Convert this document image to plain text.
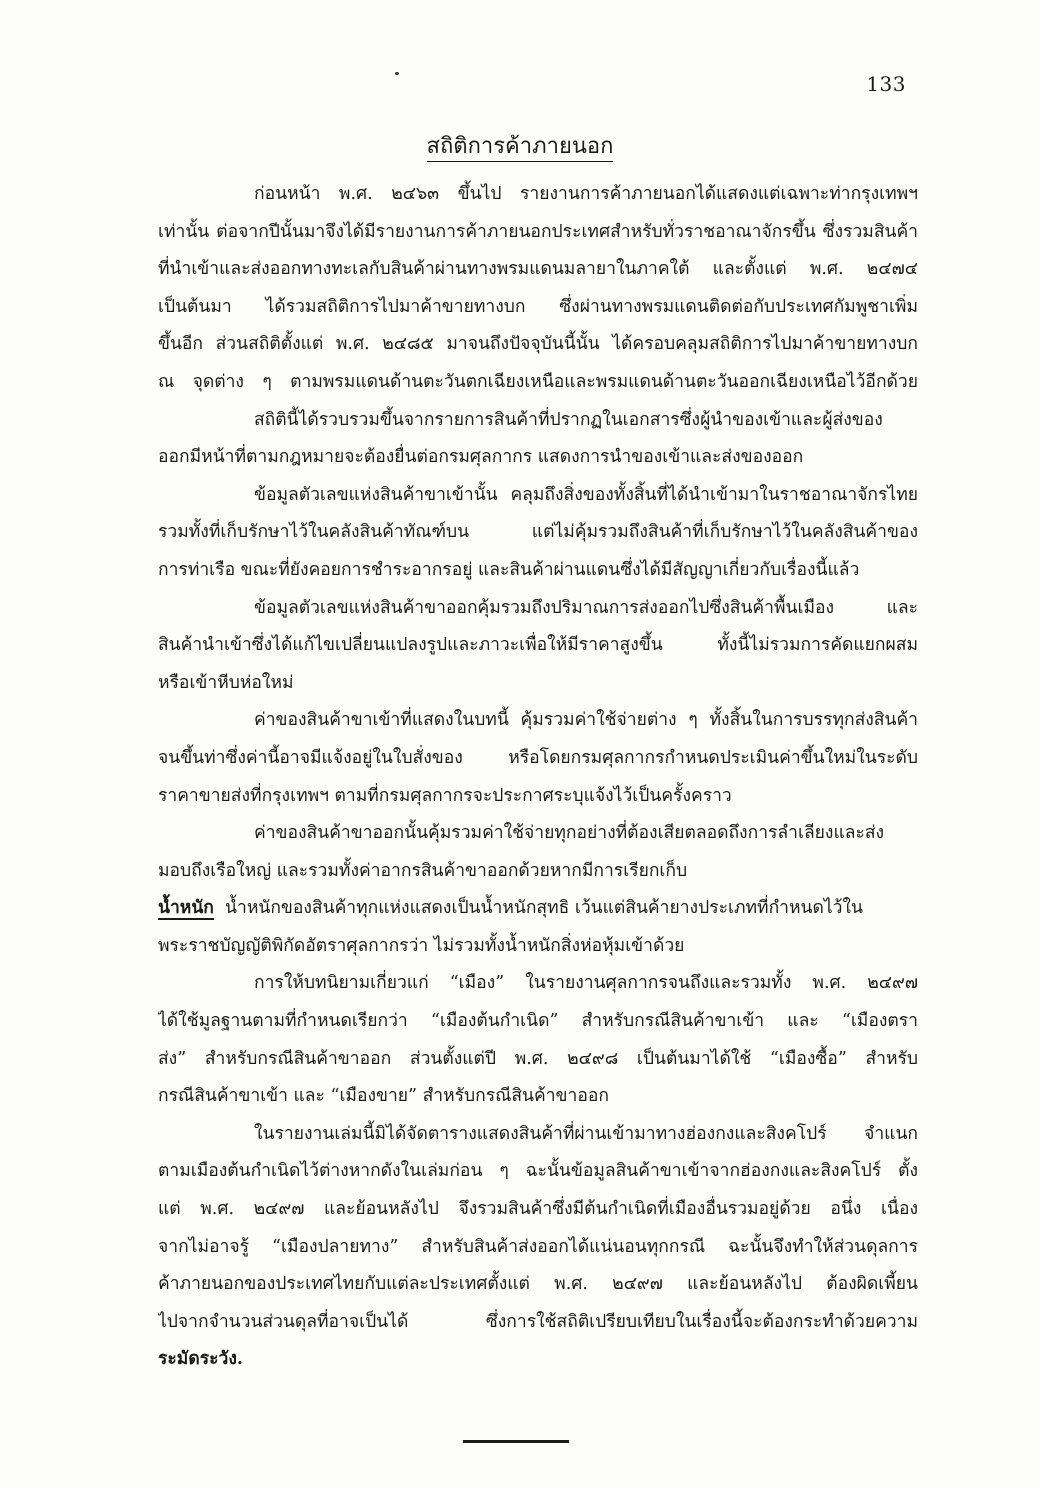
133
สถิติการค้าภายนอก
ก่อนหน้า พ.ศ. ๒๔๖๓ ขึ้นไป รายงานการค้าภายนอกได้แสดงแต่เฉพาะท่ากรุงเทพฯ
เท่านั้น ต่อจากปีนั้นมาจึงได้มีรายงานการค้าภายนอกประเทศสำหรับทั่วราชอาณาจักรขึ้น ซึ่งรวมสินค้า
ที่นำเข้าและส่งออกทางทะเลกับสินค้าผ่านทางพรมแดนมลายาในภาคใต้ และตั้งแต่ พ.ศ. ๒๔๗๔
เป็นต้นมา ได้รวมสถิติการไปมาค้าขายทางบก ซึ่งผ่านทางพรมแดนติดต่อกับประเทศกัมพูชาเพิ่ม
ขึ้นอีก ส่วนสถิติตั้งแต่ พ.ศ. ๒๔๘๕ มาจนถึงปัจจุบันนี้นั้น ได้ครอบคลุมสถิติการไปมาค้าขายทางบก
ณ จุดต่าง ๆ ตามพรมแดนด้านตะวันตกเฉียงเหนือและพรมแดนด้านตะวันออกเฉียงเหนือไว้อีกด้วย
สถิตินี้ได้รวบรวมขึ้นจากรายการสินค้าที่ปรากฏในเอกสารซึ่งผู้นำของเข้าและผู้ส่งของ
ออกมีหน้าที่ตามกฎหมายจะต้องยื่นต่อกรมศุลกากร แสดงการนำของเข้าและส่งของออก
ข้อมูลตัวเลขแห่งสินค้าขาเข้านั้น คลุมถึงสิ่งของทั้งสิ้นที่ได้นำเข้ามาในราชอาณาจักรไทย
รวมทั้งที่เก็บรักษาไว้ในคลังสินค้าทัณฑ์บน แต่ไม่คุ้มรวมถึงสินค้าที่เก็บรักษาไว้ในคลังสินค้าของ
การท่าเรือ ขณะที่ยังคอยการชำระอากรอยู่ และสินค้าผ่านแดนซึ่งได้มีสัญญาเกี่ยวกับเรื่องนี้แล้ว
ข้อมูลตัวเลขแห่งสินค้าขาออกคุ้มรวมถึงปริมาณการส่งออกไปซึ่งสินค้าพื้นเมือง และ
สินค้านำเข้าซึ่งได้แก้ไขเปลี่ยนแปลงรูปและภาวะเพื่อให้มีราคาสูงขึ้น ทั้งนี้ไม่รวมการคัดแยกผสม
หรือเข้าหีบห่อใหม่
ค่าของสินค้าขาเข้าที่แสดงในบทนี้ คุ้มรวมค่าใช้จ่ายต่าง ๆ ทั้งสิ้นในการบรรทุกส่งสินค้า
จนขึ้นท่าซึ่งค่านี้อาจมีแจ้งอยู่ในใบสั่งของ หรือโดยกรมศุลกากรกำหนดประเมินค่าขึ้นใหม่ในระดับ
ราคาขายส่งที่กรุงเทพฯ ตามที่กรมศุลกากรจะประกาศระบุแจ้งไว้เป็นครั้งคราว
ค่าของสินค้าขาออกนั้นคุ้มรวมค่าใช้จ่ายทุกอย่างที่ต้องเสียตลอดถึงการลำเลียงและส่ง
มอบถึงเรือใหญ่ และรวมทั้งค่าอากรสินค้าขาออกด้วยหากมีการเรียกเก็บ
น้ำหนัก น้ำหนักของสินค้าทุกแห่งแสดงเป็นน้ำหนักสุทธิ เว้นแต่สินค้ายางประเภทที่กำหนดไว้ใน
พระราชบัญญัติพิกัดอัตราศุลกากรว่า ไม่รวมทั้งน้ำหนักสิ่งห่อหุ้มเข้าด้วย
การให้บทนิยามเกี่ยวแก่ “เมือง” ในรายงานศุลกากรจนถึงและรวมทั้ง พ.ศ. ๒๔๙๗
ได้ใช้มูลฐานตามที่กำหนดเรียกว่า “เมืองต้นกำเนิด” สำหรับกรณีสินค้าขาเข้า และ “เมืองตรา
ส่ง” สำหรับกรณีสินค้าขาออก ส่วนตั้งแต่ปี พ.ศ. ๒๔๙๘ เป็นต้นมาได้ใช้ “เมืองซื้อ” สำหรับ
กรณีสินค้าขาเข้า และ “เมืองขาย” สำหรับกรณีสินค้าขาออก
ในรายงานเล่มนี้มิได้จัดตารางแสดงสินค้าที่ผ่านเข้ามาทางฮ่องกงและสิงคโปร์ จำแนก
ตามเมืองต้นกำเนิดไว้ต่างหากดังในเล่มก่อน ๆ ฉะนั้นข้อมูลสินค้าขาเข้าจากฮ่องกงและสิงคโปร์ ตั้ง
แต่ พ.ศ. ๒๔๙๗ และย้อนหลังไป จึงรวมสินค้าซึ่งมีต้นกำเนิดที่เมืองอื่นรวมอยู่ด้วย อนึ่ง เนื่อง
จากไม่อาจรู้ “เมืองปลายทาง” สำหรับสินค้าส่งออกได้แน่นอนทุกกรณี ฉะนั้นจึงทำให้ส่วนดุลการ
ค้าภายนอกของประเทศไทยกับแต่ละประเทศตั้งแต่ พ.ศ. ๒๔๙๗ และย้อนหลังไป ต้องผิดเพี้ยน
ไปจากจำนวนส่วนดุลที่อาจเป็นได้ ซึ่งการใช้สถิติเปรียบเทียบในเรื่องนี้จะต้องกระทำด้วยความ
ระมัดระวัง.
